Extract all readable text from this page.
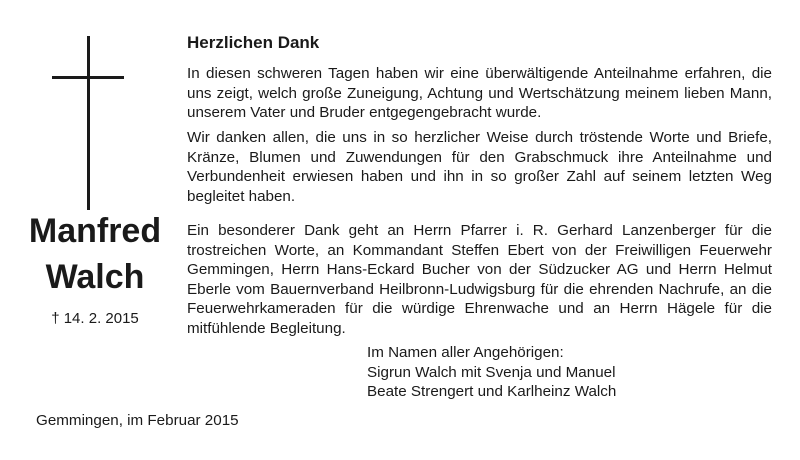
Manfred
Walch
† 14. 2. 2015
Herzlichen Dank

In diesen schweren Tagen haben wir eine überwältigende Anteilnahme erfahren, die uns zeigt, welch große Zuneigung, Achtung und Wertschätzung meinem lieben Mann, unserem Vater und Bruder entgegengebracht wurde.

Wir danken allen, die uns in so herzlicher Weise durch tröstende Worte und Briefe, Kränze, Blumen und Zuwendungen für den Grabschmuck ihre Anteilnahme und Verbundenheit erwiesen haben und ihn in so großer Zahl auf seinem letzten Weg begleitet haben.

Ein besonderer Dank geht an Herrn Pfarrer i. R. Gerhard Lanzenberger für die trostreichen Worte, an Kommandant Steffen Ebert von der Freiwilligen Feuerwehr Gemmingen, Herrn Hans-Eckard Bucher von der Südzucker AG und Herrn Helmut Eberle vom Bauernverband Heilbronn-Ludwigsburg für die ehrenden Nachrufe, an die Feuerwehrkameraden für die würdige Ehrenwache und an Herrn Hägele für die mitfühlende Begleitung.

Im Namen aller Angehörigen:
Sigrun Walch mit Svenja und Manuel
Beate Strengert und Karlheinz Walch
Gemmingen, im Februar 2015
